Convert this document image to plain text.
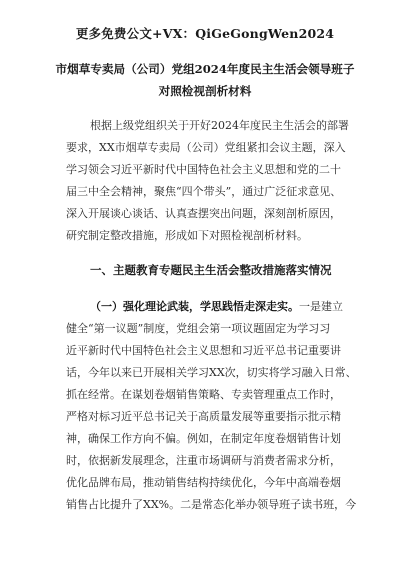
更多免费公文+VX：QiGeGongWen2024
市烟草专卖局（公司）党组2024年度民主生活会领导班子
对照检视剖析材料
根据上级党组织关于开好2024年度民主生活会的部署
要求，XX市烟草专卖局（公司）党组紧扣会议主题，深入
学习领会习近平新时代中国特色社会主义思想和党的二十
届三中全会精神，聚焦“四个带头”，通过广泛征求意见、
深入开展谈心谈话、认真查摆突出问题，深刻剖析原因，
研究制定整改措施，形成如下对照检视剖析材料。
一、主题教育专题民主生活会整改措施落实情况
（一）强化理论武装，学思践悟走深走实。一是建立
健全“第一议题”制度，党组会第一项议题固定为学习习
近平新时代中国特色社会主义思想和习近平总书记重要讲
话，今年以来已开展相关学习XX次，切实将学习融入日常、
抓在经常。在谋划卷烟销售策略、专卖管理重点工作时，
严格对标习近平总书记关于高质量发展等重要指示批示精
神，确保工作方向不偏。例如，在制定年度卷烟销售计划
时，依据新发展理念，注重市场调研与消费者需求分析，
优化品牌布局，推动销售结构持续优化，今年中高端卷烟
销售占比提升了XX%。二是常态化举办领导班子读书班，今
